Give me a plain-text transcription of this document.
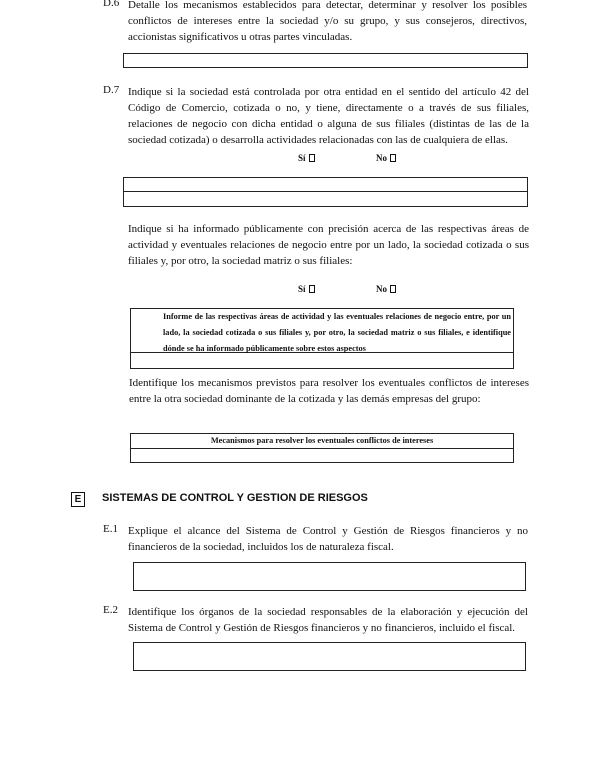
D.6 Detalle los mecanismos establecidos para detectar, determinar y resolver los posibles conflictos de intereses entre la sociedad y/o su grupo, y sus consejeros, directivos, accionistas significativos u otras partes vinculadas.
D.7 Indique si la sociedad está controlada por otra entidad en el sentido del artículo 42 del Código de Comercio, cotizada o no, y tiene, directamente o a través de sus filiales, relaciones de negocio con dicha entidad o alguna de sus filiales (distintas de las de la sociedad cotizada) o desarrolla actividades relacionadas con las de cualquiera de ellas.
Sí	No
Indique si ha informado públicamente con precisión acerca de las respectivas áreas de actividad y eventuales relaciones de negocio entre por un lado, la sociedad cotizada o sus filiales y, por otro, la sociedad matriz o sus filiales:
Sí	No
Informe de las respectivas áreas de actividad y las eventuales relaciones de negocio entre, por un lado, la sociedad cotizada o sus filiales y, por otro, la sociedad matriz o sus filiales, e identifique dónde se ha informado públicamente sobre estos aspectos
Identifique los mecanismos previstos para resolver los eventuales conflictos de intereses entre la otra sociedad dominante de la cotizada y las demás empresas del grupo:
Mecanismos para resolver los eventuales conflictos de intereses
E	SISTEMAS DE CONTROL Y GESTION DE RIESGOS
E.1 Explique el alcance del Sistema de Control y Gestión de Riesgos financieros y no financieros de la sociedad, incluidos los de naturaleza fiscal.
E.2 Identifique los órganos de la sociedad responsables de la elaboración y ejecución del Sistema de Control y Gestión de Riesgos financieros y no financieros, incluido el fiscal.
